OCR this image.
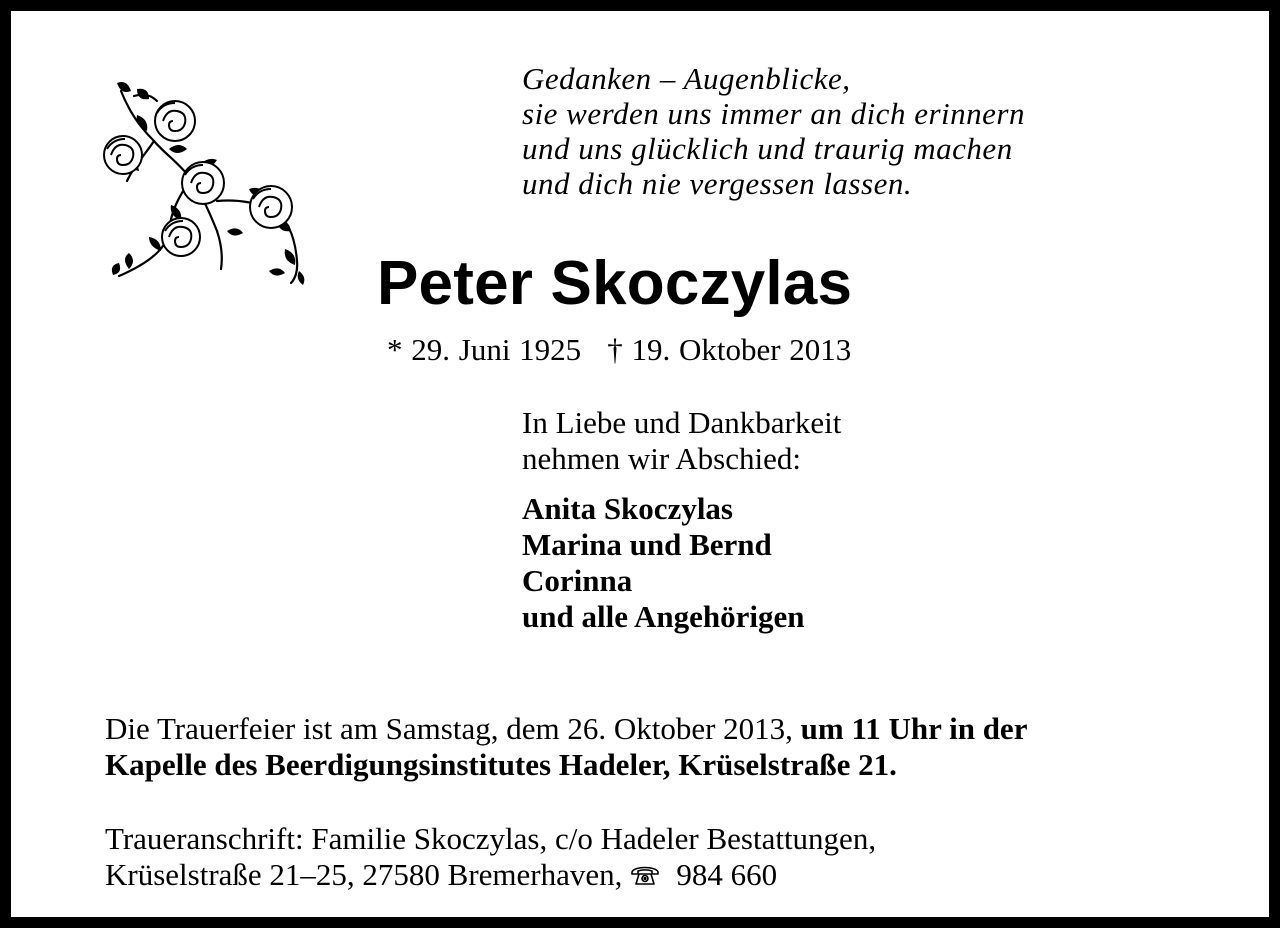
Gedanken – Augenblicke,
sie werden uns immer an dich erinnern
und uns glücklich und traurig machen
und dich nie vergessen lassen.
Peter Skoczylas
* 29. Juni 1925 † 19. Oktober 2013
In Liebe und Dankbarkeit
nehmen wir Abschied:
Anita Skoczylas
Marina und Bernd
Corinna
und alle Angehörigen
Die Trauerfeier ist am Samstag, dem 26. Oktober 2013, um 11 Uhr in der
Kapelle des Beerdigungsinstitutes Hadeler, Krüselstraße 21.
Traueranschrift: Familie Skoczylas, c/o Hadeler Bestattungen,
Krüselstraße 21–25, 27580 Bremerhaven, 984 660
